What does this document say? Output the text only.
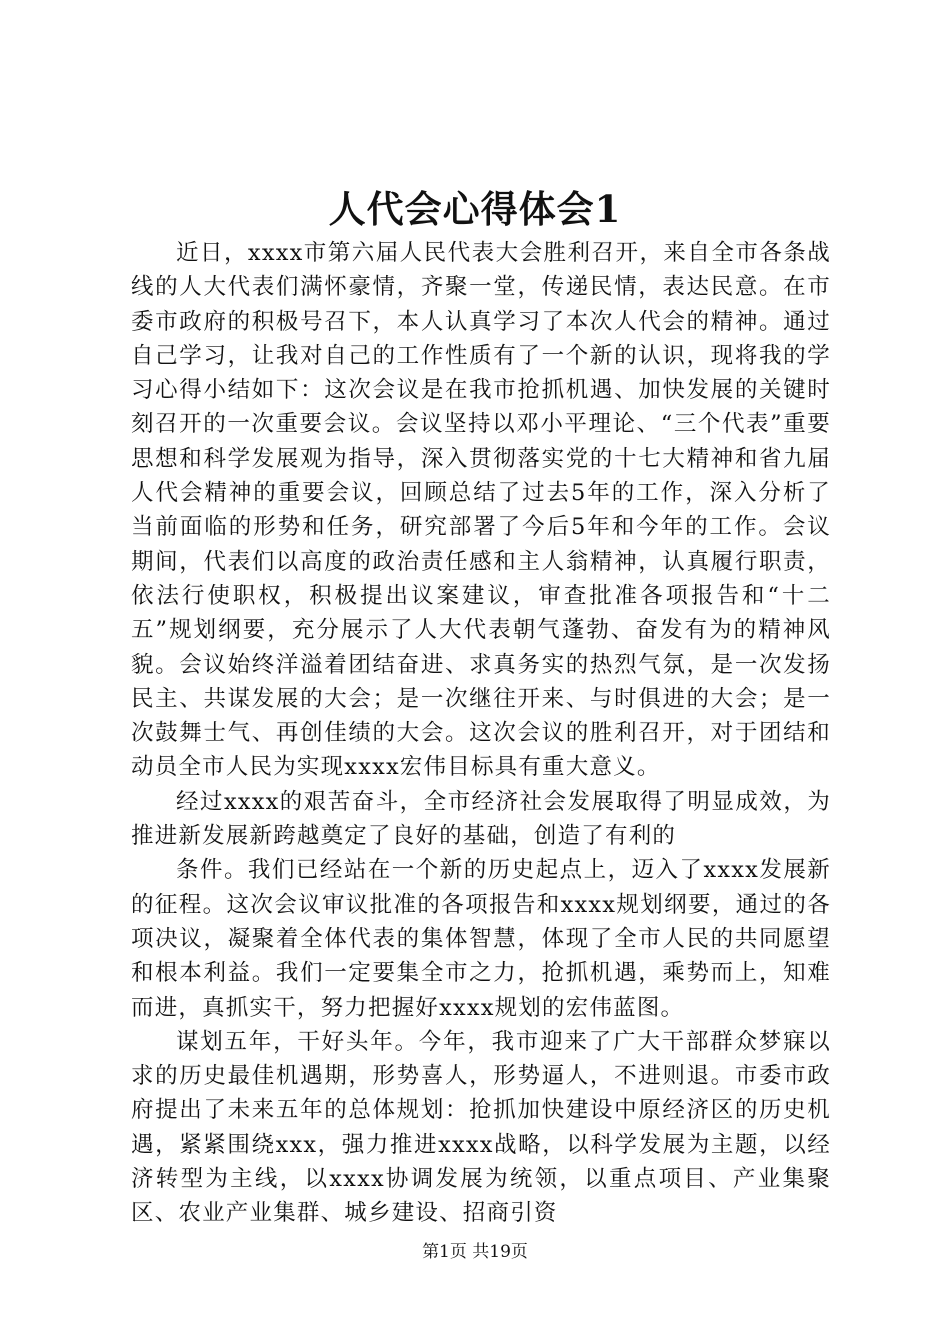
人代会心得体会1

近日，xxxx市第六届人民代表大会胜利召开，来自全市各条战线的人大代表们满怀豪情，齐聚一堂，传递民情，表达民意。在市委市政府的积极号召下，本人认真学习了本次人代会的精神。通过自己学习，让我对自己的工作性质有了一个新的认识，现将我的学习心得小结如下：这次会议是在我市抢抓机遇、加快发展的关键时刻召开的一次重要会议。会议坚持以邓小平理论、“三个代表”重要思想和科学发展观为指导，深入贯彻落实党的十七大精神和省九届人代会精神的重要会议，回顾总结了过去5年的工作，深入分析了当前面临的形势和任务，研究部署了今后5年和今年的工作。会议期间，代表们以高度的政治责任感和主人翁精神，认真履行职责，依法行使职权，积极提出议案建议，审查批准各项报告和“十二五”规划纲要，充分展示了人大代表朝气蓬勃、奋发有为的精神风貌。会议始终洋溢着团结奋进、求真务实的热烈气氛，是一次发扬民主、共谋发展的大会；是一次继往开来、与时俱进的大会；是一次鼓舞士气、再创佳绩的大会。这次会议的胜利召开，对于团结和动员全市人民为实现xxxx宏伟目标具有重大意义。

经过xxxx的艰苦奋斗，全市经济社会发展取得了明显成效，为推进新发展新跨越奠定了良好的基础，创造了有利的

条件。我们已经站在一个新的历史起点上，迈入了xxxx发展新的征程。这次会议审议批准的各项报告和xxxx规划纲要，通过的各项决议，凝聚着全体代表的集体智慧，体现了全市人民的共同愿望和根本利益。我们一定要集全市之力，抢抓机遇，乘势而上，知难而进，真抓实干，努力把握好xxxx规划的宏伟蓝图。

谋划五年，干好头年。今年，我市迎来了广大干部群众梦寐以求的历史最佳机遇期，形势喜人，形势逼人，不进则退。市委市政府提出了未来五年的总体规划：抢抓加快建设中原经济区的历史机遇，紧紧围绕xxx，强力推进xxxx战略，以科学发展为主题，以经济转型为主线，以xxxx协调发展为统领，以重点项目、产业集聚区、农业产业集群、城乡建设、招商引资

第1页 共19页
